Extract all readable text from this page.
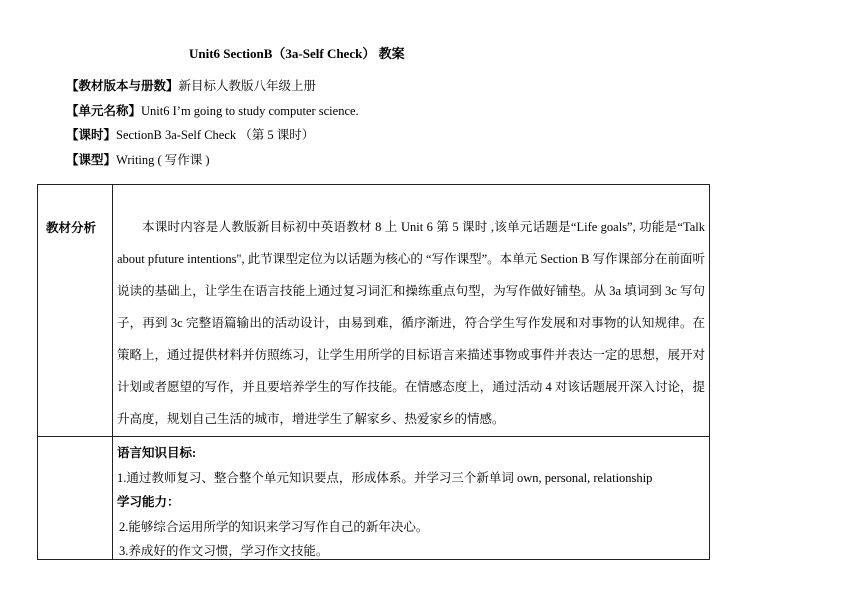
Unit6 SectionB（3a-Self Check） 教案
【教材版本与册数】新目标人教版八年级上册
【单元名称】Unit6 I’m going to study computer science.
【课时】SectionB 3a-Self Check （第 5 课时）
【课型】Writing ( 写作课 )
教材分析	本课时内容是人教版新目标初中英语教材 8 上 Unit 6 第 5 课时 ,该单元话题是“Life goals”, 功能是“Talk about pfuture intentions", 此节课型定位为以话题为核心的 “写作课型”。本单元 Section B 写作课部分在前面听说读的基础上，让学生在语言技能上通过复习词汇和操练重点句型，为写作做好铺垫。从 3a 填词到 3c 写句子，再到 3c 完整语篇输出的活动设计，由易到难，循序渐进，符合学生写作发展和对事物的认知规律。在策略上，通过提供材料并仿照练习，让学生用所学的目标语言来描述事物或事件并表达一定的思想，展开对计划或者愿望的写作，并且要培养学生的写作技能。在情感态度上，通过活动 4 对该话题展开深入讨论，提升高度，规划自己生活的城市，增进学生了解家乡、热爱家乡的情感。

语言知识目标:
1.通过教师复习、整合整个单元知识要点，形成体系。并学习三个新单词 own, personal, relationship
学习能力：
2.能够综合运用所学的知识来学习写作自己的新年决心。
3.养成好的作文习惯，学习作文技能。
